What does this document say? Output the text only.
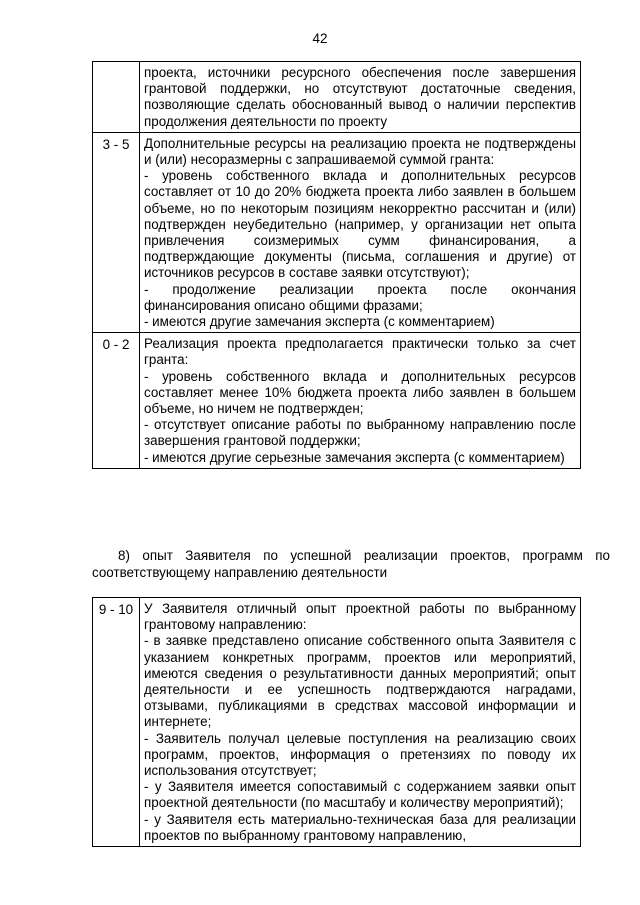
42

	проекта, источники ресурсного обеспечения после завершения грантовой поддержки, но отсутствуют достаточные сведения, позволяющие сделать обоснованный вывод о наличии перспектив продолжения деятельности по проекту

3 - 5	Дополнительные ресурсы на реализацию проекта не подтверждены и (или) несоразмерны с запрашиваемой суммой гранта:

- уровень собственного вклада и дополнительных ресурсов составляет от 10 до 20% бюджета проекта либо заявлен в большем объеме, но по некоторым позициям некорректно рассчитан и (или) подтвержден неубедительно (например, у организации нет опыта привлечения соизмеримых сумм финансирования, а подтверждающие документы (письма, соглашения и другие) от источников ресурсов в составе заявки отсутствуют);

- продолжение реализации проекта после окончания финансирования описано общими фразами;

- имеются другие замечания эксперта (с комментарием)

0 - 2	Реализация проекта предполагается практически только за счет гранта:

- уровень собственного вклада и дополнительных ресурсов составляет менее 10% бюджета проекта либо заявлен в большем объеме, но ничем не подтвержден;

- отсутствует описание работы по выбранному направлению после завершения грантовой поддержки;

- имеются другие серьезные замечания эксперта (с комментарием)

8) опыт Заявителя по успешной реализации проектов, программ по соответствующему направлению деятельности
9 - 10	У Заявителя отличный опыт проектной работы по выбранному грантовому направлению:

- в заявке представлено описание собственного опыта Заявителя с указанием конкретных программ, проектов или мероприятий, имеются сведения о результативности данных мероприятий; опыт деятельности и ее успешность подтверждаются наградами, отзывами, публикациями в средствах массовой информации и интернете;

- Заявитель получал целевые поступления на реализацию своих программ, проектов, информация о претензиях по поводу их использования отсутствует;

- у Заявителя имеется сопоставимый с содержанием заявки опыт проектной деятельности (по масштабу и количеству мероприятий);

- у Заявителя есть материально-техническая база для реализации проектов по выбранному грантовому направлению,
